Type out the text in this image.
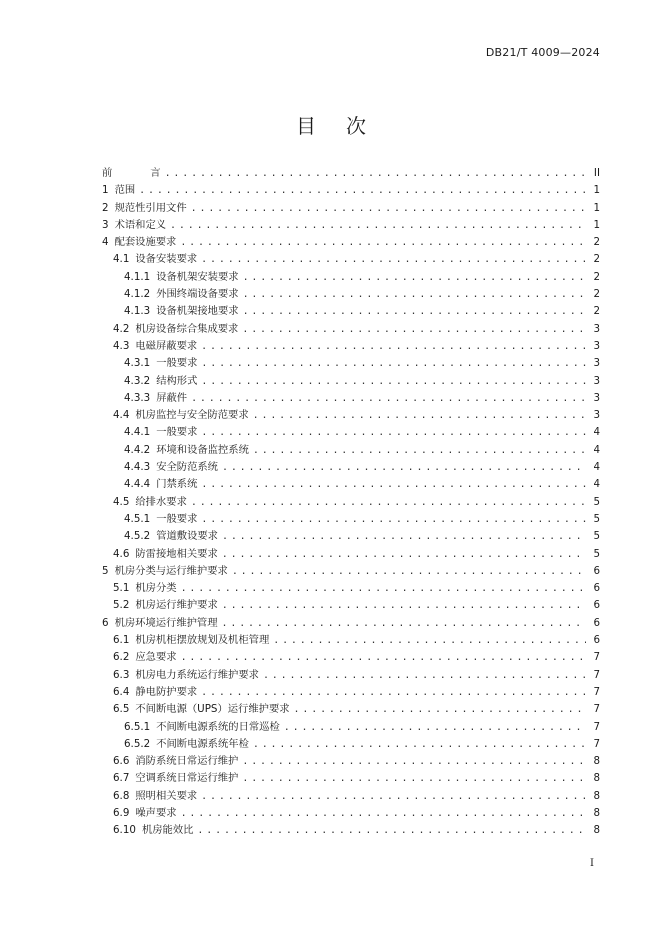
DB21/T 4009—2024
目 次
前	言 . . .	II
1 范围 . . .	1
2 规范性引用文件 . . .	1
3 术语和定义 . . .	1
4 配套设施要求 . . .	2
4.1 设备安装要求 . . .	2
4.1.1 设备机架安装要求 . . .	2
4.1.2 外围终端设备要求 . . .	2
4.1.3 设备机架接地要求 . . .	2
4.2 机房设备综合集成要求 . . .	3
4.3 电磁屏蔽要求 . . .	3
4.3.1 一般要求 . . .	3
4.3.2 结构形式 . . .	3
4.3.3 屏蔽件 . . .	3
4.4 机房监控与安全防范要求 . . .	3
4.4.1 一般要求 . . .	4
4.4.2 环境和设备监控系统 . . .	4
4.4.3 安全防范系统 . . .	4
4.4.4 门禁系统 . . .	4
4.5 给排水要求 . . .	5
4.5.1 一般要求 . . .	5
4.5.2 管道敷设要求 . . .	5
4.6 防雷接地相关要求 . . .	5
5 机房分类与运行维护要求 . . .	6
5.1 机房分类 . . .	6
5.2 机房运行维护要求 . . .	6
6 机房环境运行维护管理 . . .	6
6.1 机房机柜摆放规划及机柜管理 . . .	6
6.2 应急要求 . . .	7
6.3 机房电力系统运行维护要求 . . .	7
6.4 静电防护要求 . . .	7
6.5 不间断电源（UPS）运行维护要求 . . .	7
6.5.1 不间断电源系统的日常巡检 . . .	7
6.5.2 不间断电源系统年检 . . .	7
6.6 消防系统日常运行维护 . . .	8
6.7 空调系统日常运行维护 . . .	8
6.8 照明相关要求 . . .	8
6.9 噪声要求 . . .	8
6.10 机房能效比 . . .	8
I
